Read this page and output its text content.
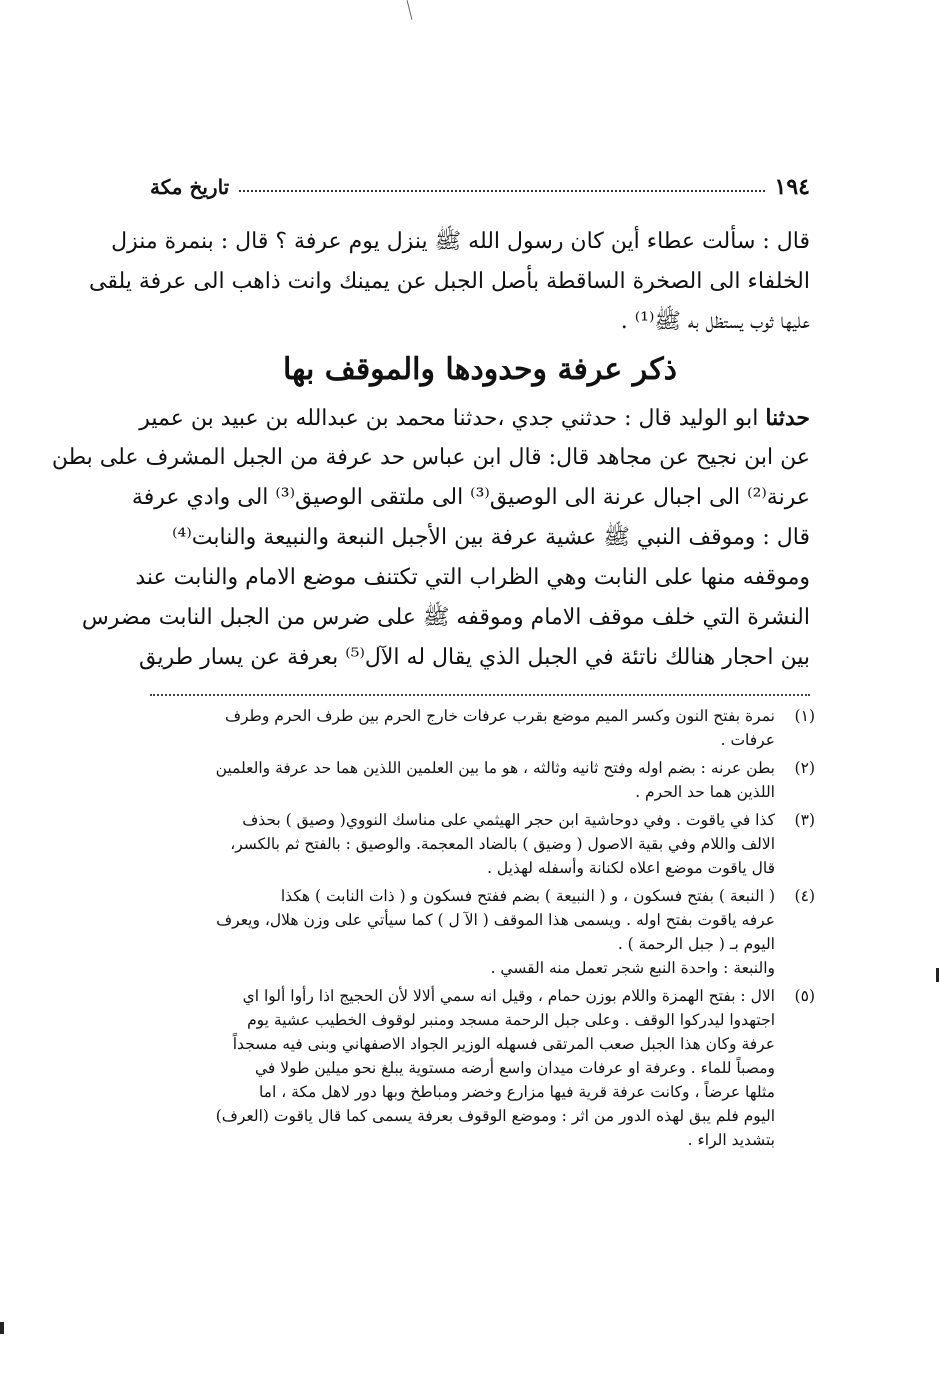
تاريخ مكة	١٩٤
قال : سألت عطاء أين كان رسول الله ﷺ ينزل يوم عرفة ؟ قال : بنمرة منزل
الخلفاء الى الصخرة الساقطة بأصل الجبل عن يمينك وانت ذاهب الى عرفة يلقى
عليها ثوب يستظل به ﷺ⁽¹⁾ .
ذكر عرفة وحدودها والموقف بها
حدثنا ابو الوليد قال : حدثني جدي ،حدثنا محمد بن عبدالله بن عبيد بن عمير
عن ابن نجيح عن مجاهد قال: قال ابن عباس حد عرفة من الجبل المشرف على بطن
عرنة⁽²⁾ الى اجبال عرنة الى الوصيق⁽³⁾ الى ملتقى الوصيق⁽³⁾ الى وادي عرفة
قال : وموقف النبي ﷺ عشية عرفة بين الأجبل النبعة والنبيعة والنابت⁽⁴⁾
وموقفه منها على النابت وهي الظراب التي تكتنف موضع الامام والنابت عند
النشرة التي خلف موقف الامام وموقفه ﷺ على ضرس من الجبل النابت مضرس
بين احجار هنالك ناتئة في الجبل الذي يقال له الآل⁽⁵⁾ بعرفة عن يسار طريق
(١)
نمرة بفتح النون وكسر الميم موضع بقرب عرفات خارج الحرم بين طرف الحرم وطرف
عرفات .
(٢)
بطن عرنه : بضم اوله وفتح ثانيه وثالثه ، هو ما بين العلمين اللذين هما حد عرفة والعلمين
اللذين هما حد الحرم .
(٣)
كذا في ياقوت . وفي دوحاشية ابن حجر الهيثمي على مناسك النووي( وصيق ) بحذف
الالف واللام وفي بقية الاصول ( وضيق ) بالضاد المعجمة. والوصيق : بالفتح ثم بالكسر،
قال ياقوت موضع اعلاه لكنانة وأسفله لهذيل .
(٤)
( النبعة ) بفتح فسكون ، و ( النبيعة ) بضم ففتح فسكون و ( ذات النابت ) هكذا
عرفه ياقوت بفتح اوله . ويسمى هذا الموقف ( الآ ل ) كما سيأتي على وزن هلال، ويعرف
اليوم بـ ( جبل الرحمة ) .
والنبعة : واحدة النبع شجر تعمل منه القسي .
(٥)
الال : بفتح الهمزة واللام بوزن حمام ، وقيل انه سمي ألالا لأن الحجيج اذا رأوا ألوا اي
اجتهدوا ليدركوا الوقف . وعلى جبل الرحمة مسجد ومنبر لوقوف الخطيب عشية يوم
عرفة وكان هذا الجبل صعب المرتقى فسهله الوزير الجواد الاصفهاني وبنى فيه مسجداً
ومصباً للماء . وعرفة او عرفات ميدان واسع أرضه مستوية يبلغ نحو ميلين طولا في
مثلها عرضاً ، وكانت عرفة قرية فيها مزارع وخضر ومباطخ وبها دور لاهل مكة ، اما
اليوم فلم يبق لهذه الدور من اثر : وموضع الوقوف بعرفة يسمى كما قال ياقوت (العرف)
بتشديد الراء .
